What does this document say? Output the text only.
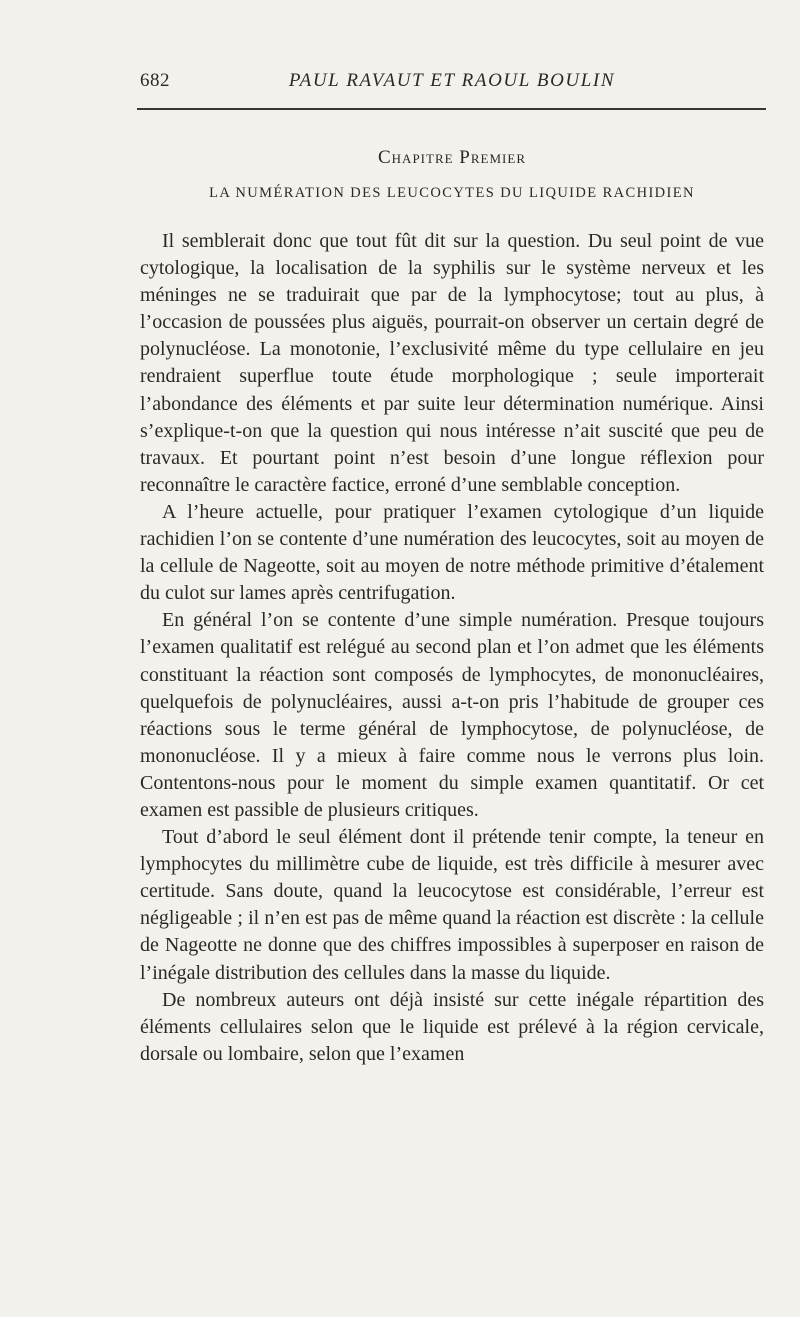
682	PAUL RAVAUT ET RAOUL BOULIN
Chapitre Premier
LA NUMÉRATION DES LEUCOCYTES DU LIQUIDE RACHIDIEN

Il semblerait donc que tout fût dit sur la question. Du seul point de vue cytologique, la localisation de la syphilis sur le système nerveux et les méninges ne se traduirait que par de la lymphocytose; tout au plus, à l’occasion de poussées plus aiguës, pourrait-on observer un certain degré de polynucléose. La monotonie, l’exclusivité même du type cellulaire en jeu rendraient superflue toute étude morphologique ; seule importerait l’abondance des éléments et par suite leur détermination numérique. Ainsi s’explique-t-on que la question qui nous intéresse n’ait suscité que peu de travaux. Et pourtant point n’est besoin d’une longue réflexion pour reconnaître le caractère factice, erroné d’une semblable conception.

A l’heure actuelle, pour pratiquer l’examen cytologique d’un liquide rachidien l’on se contente d’une numération des leucocytes, soit au moyen de la cellule de Nageotte, soit au moyen de notre méthode primitive d’étalement du culot sur lames après centrifugation.

En général l’on se contente d’une simple numération. Presque toujours l’examen qualitatif est relégué au second plan et l’on admet que les éléments constituant la réaction sont composés de lymphocytes, de mononucléaires, quelquefois de polynucléaires, aussi a-t-on pris l’habitude de grouper ces réactions sous le terme général de lymphocytose, de polynucléose, de mononucléose. Il y a mieux à faire comme nous le verrons plus loin. Contentons-nous pour le moment du simple examen quantitatif. Or cet examen est passible de plusieurs critiques.

Tout d’abord le seul élément dont il prétende tenir compte, la teneur en lymphocytes du millimètre cube de liquide, est très difficile à mesurer avec certitude. Sans doute, quand la leucocytose est considérable, l’erreur est négligeable ; il n’en est pas de même quand la réaction est discrète : la cellule de Nageotte ne donne que des chiffres impossibles à superposer en raison de l’inégale distribution des cellules dans la masse du liquide.

De nombreux auteurs ont déjà insisté sur cette inégale répartition des éléments cellulaires selon que le liquide est prélevé à la région cervicale, dorsale ou lombaire, selon que l’examen
